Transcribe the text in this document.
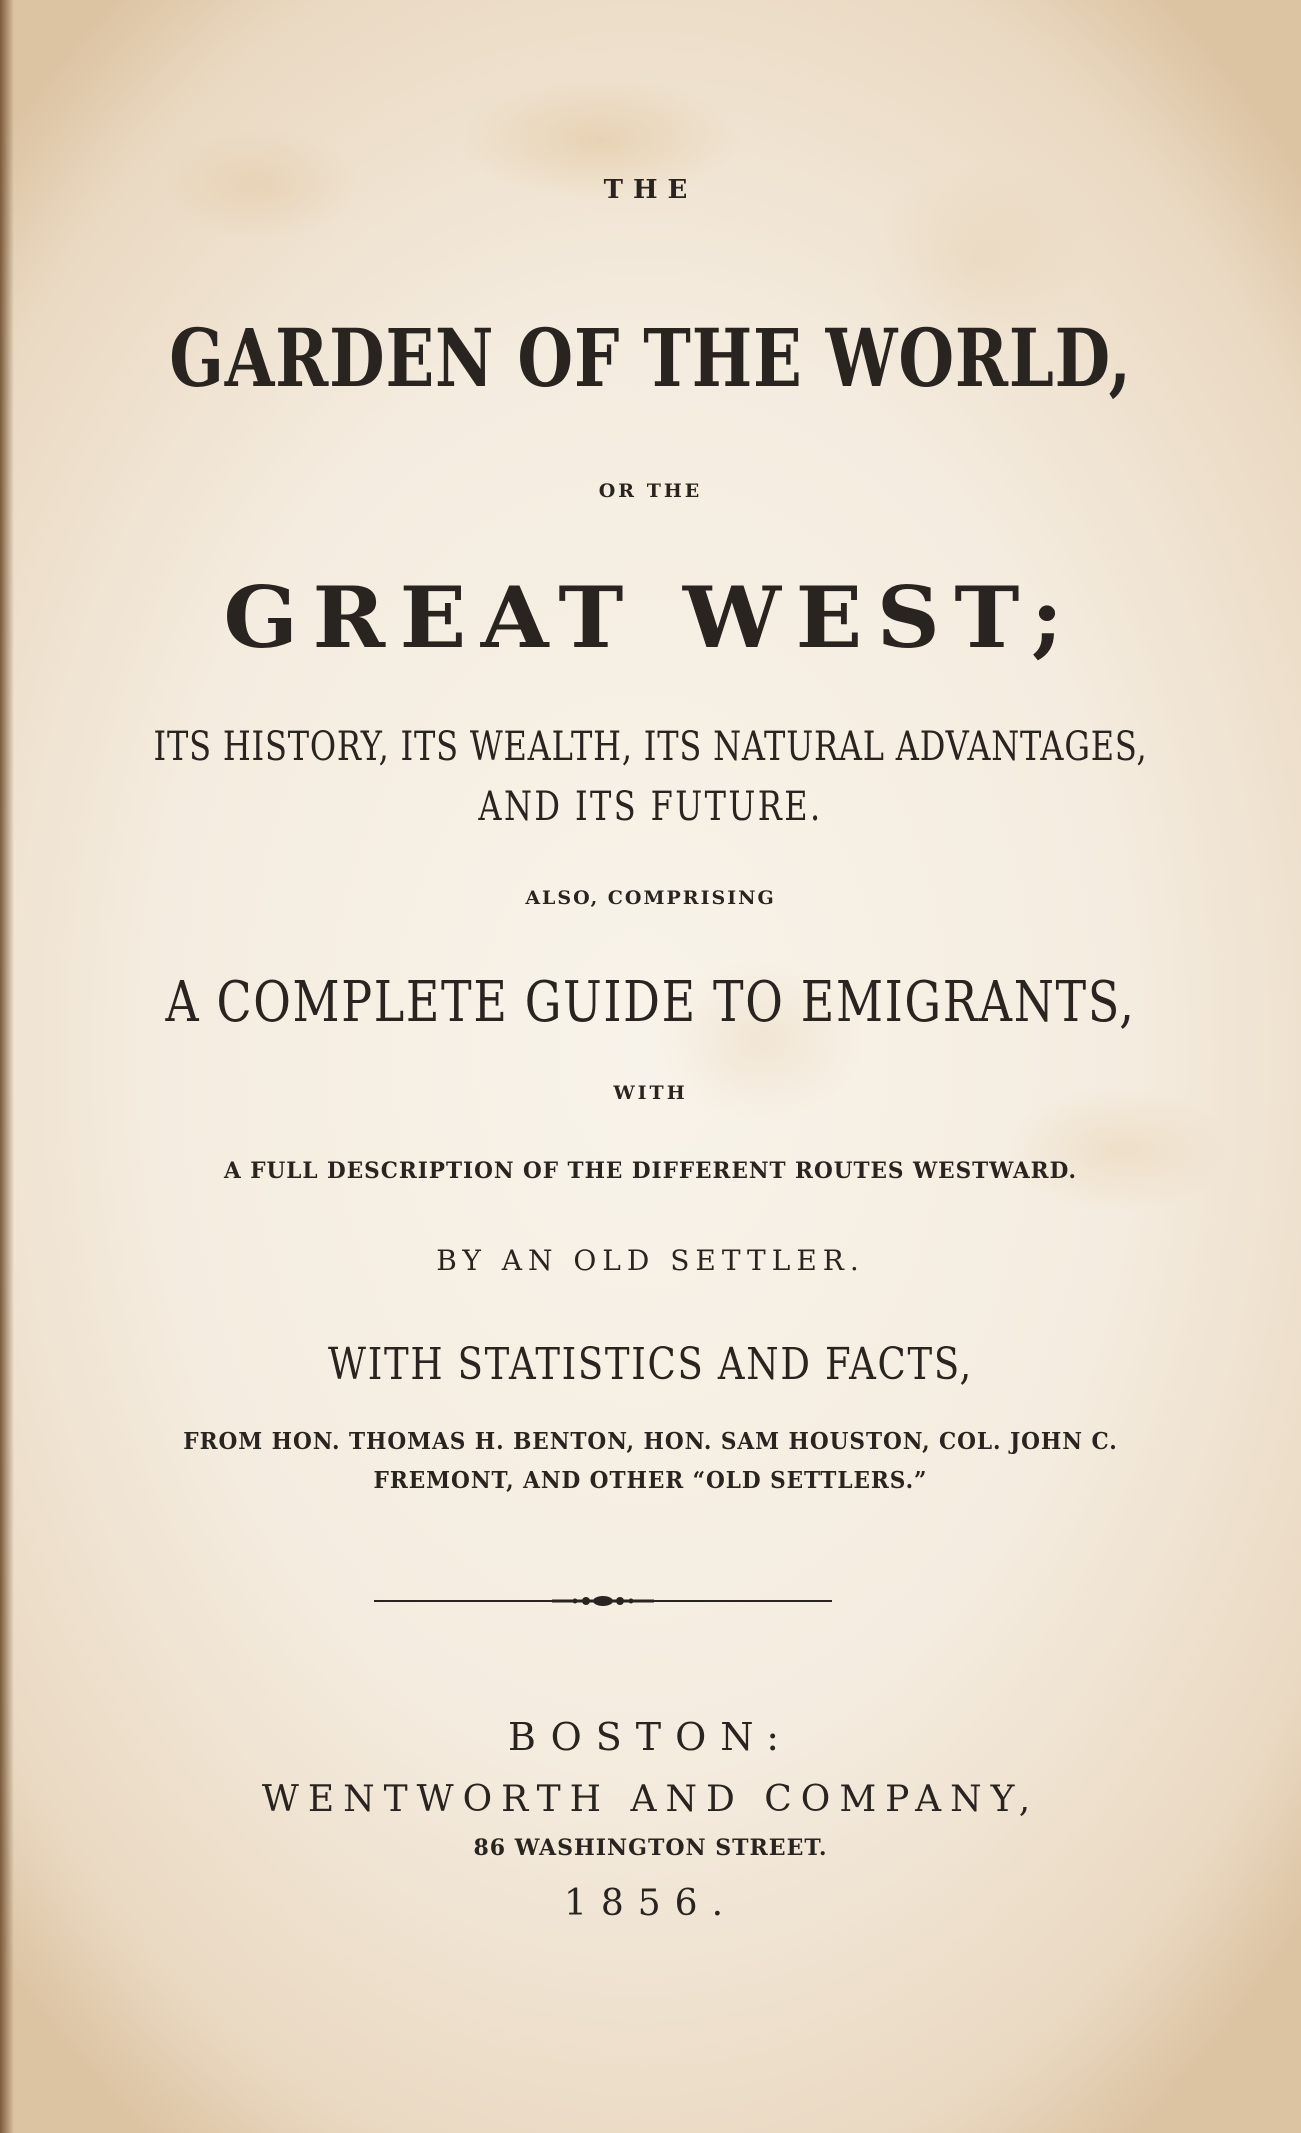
THE
GARDEN OF THE WORLD,
OR THE
GREAT WEST;
ITS HISTORY, ITS WEALTH, ITS NATURAL ADVANTAGES,
AND ITS FUTURE.
ALSO, COMPRISING
A COMPLETE GUIDE TO EMIGRANTS,
WITH
A FULL DESCRIPTION OF THE DIFFERENT ROUTES WESTWARD.
BY AN OLD SETTLER.
WITH STATISTICS AND FACTS,
FROM HON. THOMAS H. BENTON, HON. SAM HOUSTON, COL. JOHN C.
FREMONT, AND OTHER “OLD SETTLERS.”
BOSTON:
WENTWORTH AND COMPANY,
86 WASHINGTON STREET.
1856.
